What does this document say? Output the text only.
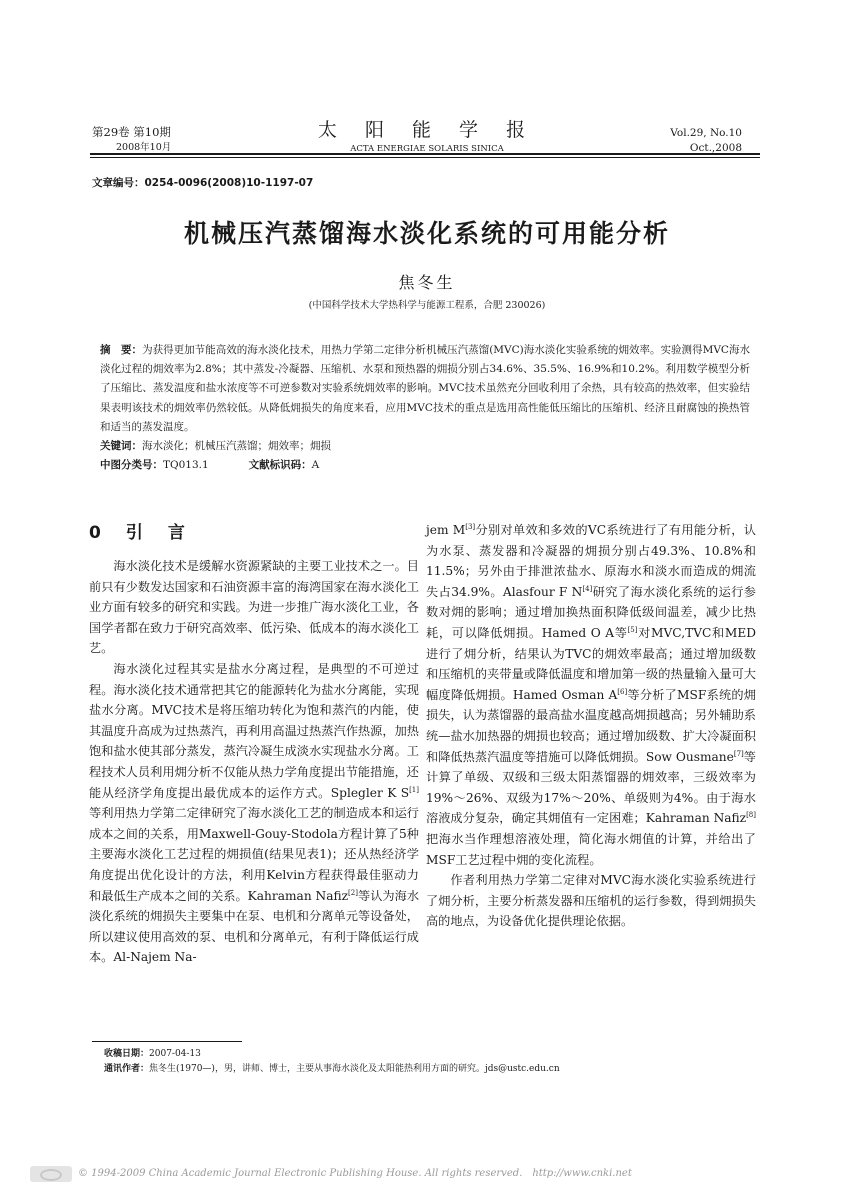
第29卷 第10期
2008年10月
太 阳 能 学 报
ACTA ENERGIAE SOLARIS SINICA
Vol.29, No.10
Oct.,2008
文章编号：0254-0096(2008)10-1197-07
机械压汽蒸馏海水淡化系统的可用能分析
焦冬生
(中国科学技术大学热科学与能源工程系，合肥 230026)
摘　要：为获得更加节能高效的海水淡化技术，用热力学第二定律分析机械压汽蒸馏(MVC)海水淡化实验系统的㶲效率。实验测得MVC海水淡化过程的㶲效率为2.8%；其中蒸发-冷凝器、压缩机、水泵和预热器的㶲损分别占34.6%、35.5%、16.9%和10.2%。利用数学模型分析了压缩比、蒸发温度和盐水浓度等不可逆参数对实验系统㶲效率的影响。MVC技术虽然充分回收利用了余热，具有较高的热效率，但实验结果表明该技术的㶲效率仍然较低。从降低㶲损失的角度来看，应用MVC技术的重点是选用高性能低压缩比的压缩机、经济且耐腐蚀的换热管和适当的蒸发温度。
关键词：海水淡化；机械压汽蒸馏；㶲效率；㶲损
中图分类号：TQ013.1	文献标识码：A
0　引　言

海水淡化技术是缓解水资源紧缺的主要工业技术之一。目前只有少数发达国家和石油资源丰富的海湾国家在海水淡化工业方面有较多的研究和实践。为进一步推广海水淡化工业，各国学者都在致力于研究高效率、低污染、低成本的海水淡化工艺。

海水淡化过程其实是盐水分离过程，是典型的不可逆过程。海水淡化技术通常把其它的能源转化为盐水分离能，实现盐水分离。MVC技术是将压缩功转化为饱和蒸汽的内能，使其温度升高成为过热蒸汽，再利用高温过热蒸汽作热源，加热饱和盐水使其部分蒸发，蒸汽冷凝生成淡水实现盐水分离。工程技术人员利用㶲分析不仅能从热力学角度提出节能措施，还能从经济学角度提出最优成本的运作方式。Splegler K S[1]等利用热力学第二定律研究了海水淡化工艺的制造成本和运行成本之间的关系，用Maxwell-Gouy-Stodola方程计算了5种主要海水淡化工艺过程的㶲损值(结果见表1)；还从热经济学角度提出优化设计的方法，利用Kelvin方程获得最佳驱动力和最低生产成本之间的关系。Kahraman Nafiz[2]等认为海水淡化系统的㶲损失主要集中在泵、电机和分离单元等设备处，所以建议使用高效的泵、电机和分离单元，有利于降低运行成本。Al-Najem Na-

jem M[3]分别对单效和多效的VC系统进行了有用能分析，认为水泵、蒸发器和冷凝器的㶲损分别占49.3%、10.8%和11.5%；另外由于排泄浓盐水、原海水和淡水而造成的㶲流失占34.9%。Alasfour F N[4]研究了海水淡化系统的运行参数对㶲的影响；通过增加换热面积降低级间温差，减少比热耗，可以降低㶲损。Hamed O A等[5]对MVC,TVC和MED进行了㶲分析，结果认为TVC的㶲效率最高；通过增加级数和压缩机的夹带量或降低温度和增加第一级的热量输入量可大幅度降低㶲损。Hamed Osman A[6]等分析了MSF系统的㶲损失，认为蒸馏器的最高盐水温度越高㶲损越高；另外辅助系统—盐水加热器的㶲损也较高；通过增加级数、扩大冷凝面积和降低热蒸汽温度等措施可以降低㶲损。Sow Ousmane[7]等计算了单级、双级和三级太阳蒸馏器的㶲效率，三级效率为19%～26%、双级为17%～20%、单级则为4%。由于海水溶液成分复杂，确定其㶲值有一定困难；Kahraman Nafiz[8]把海水当作理想溶液处理，简化海水㶲值的计算，并给出了MSF工艺过程中㶲的变化流程。

作者利用热力学第二定律对MVC海水淡化实验系统进行了㶲分析，主要分析蒸发器和压缩机的运行参数，得到㶲损失高的地点，为设备优化提供理论依据。

收稿日期：2007-04-13
通讯作者：焦冬生(1970—)，男，讲师、博士，主要从事海水淡化及太阳能热利用方面的研究。jds@ustc.edu.cn
© 1994-2009 China Academic Journal Electronic Publishing House. All rights reserved.　http://www.cnki.net
